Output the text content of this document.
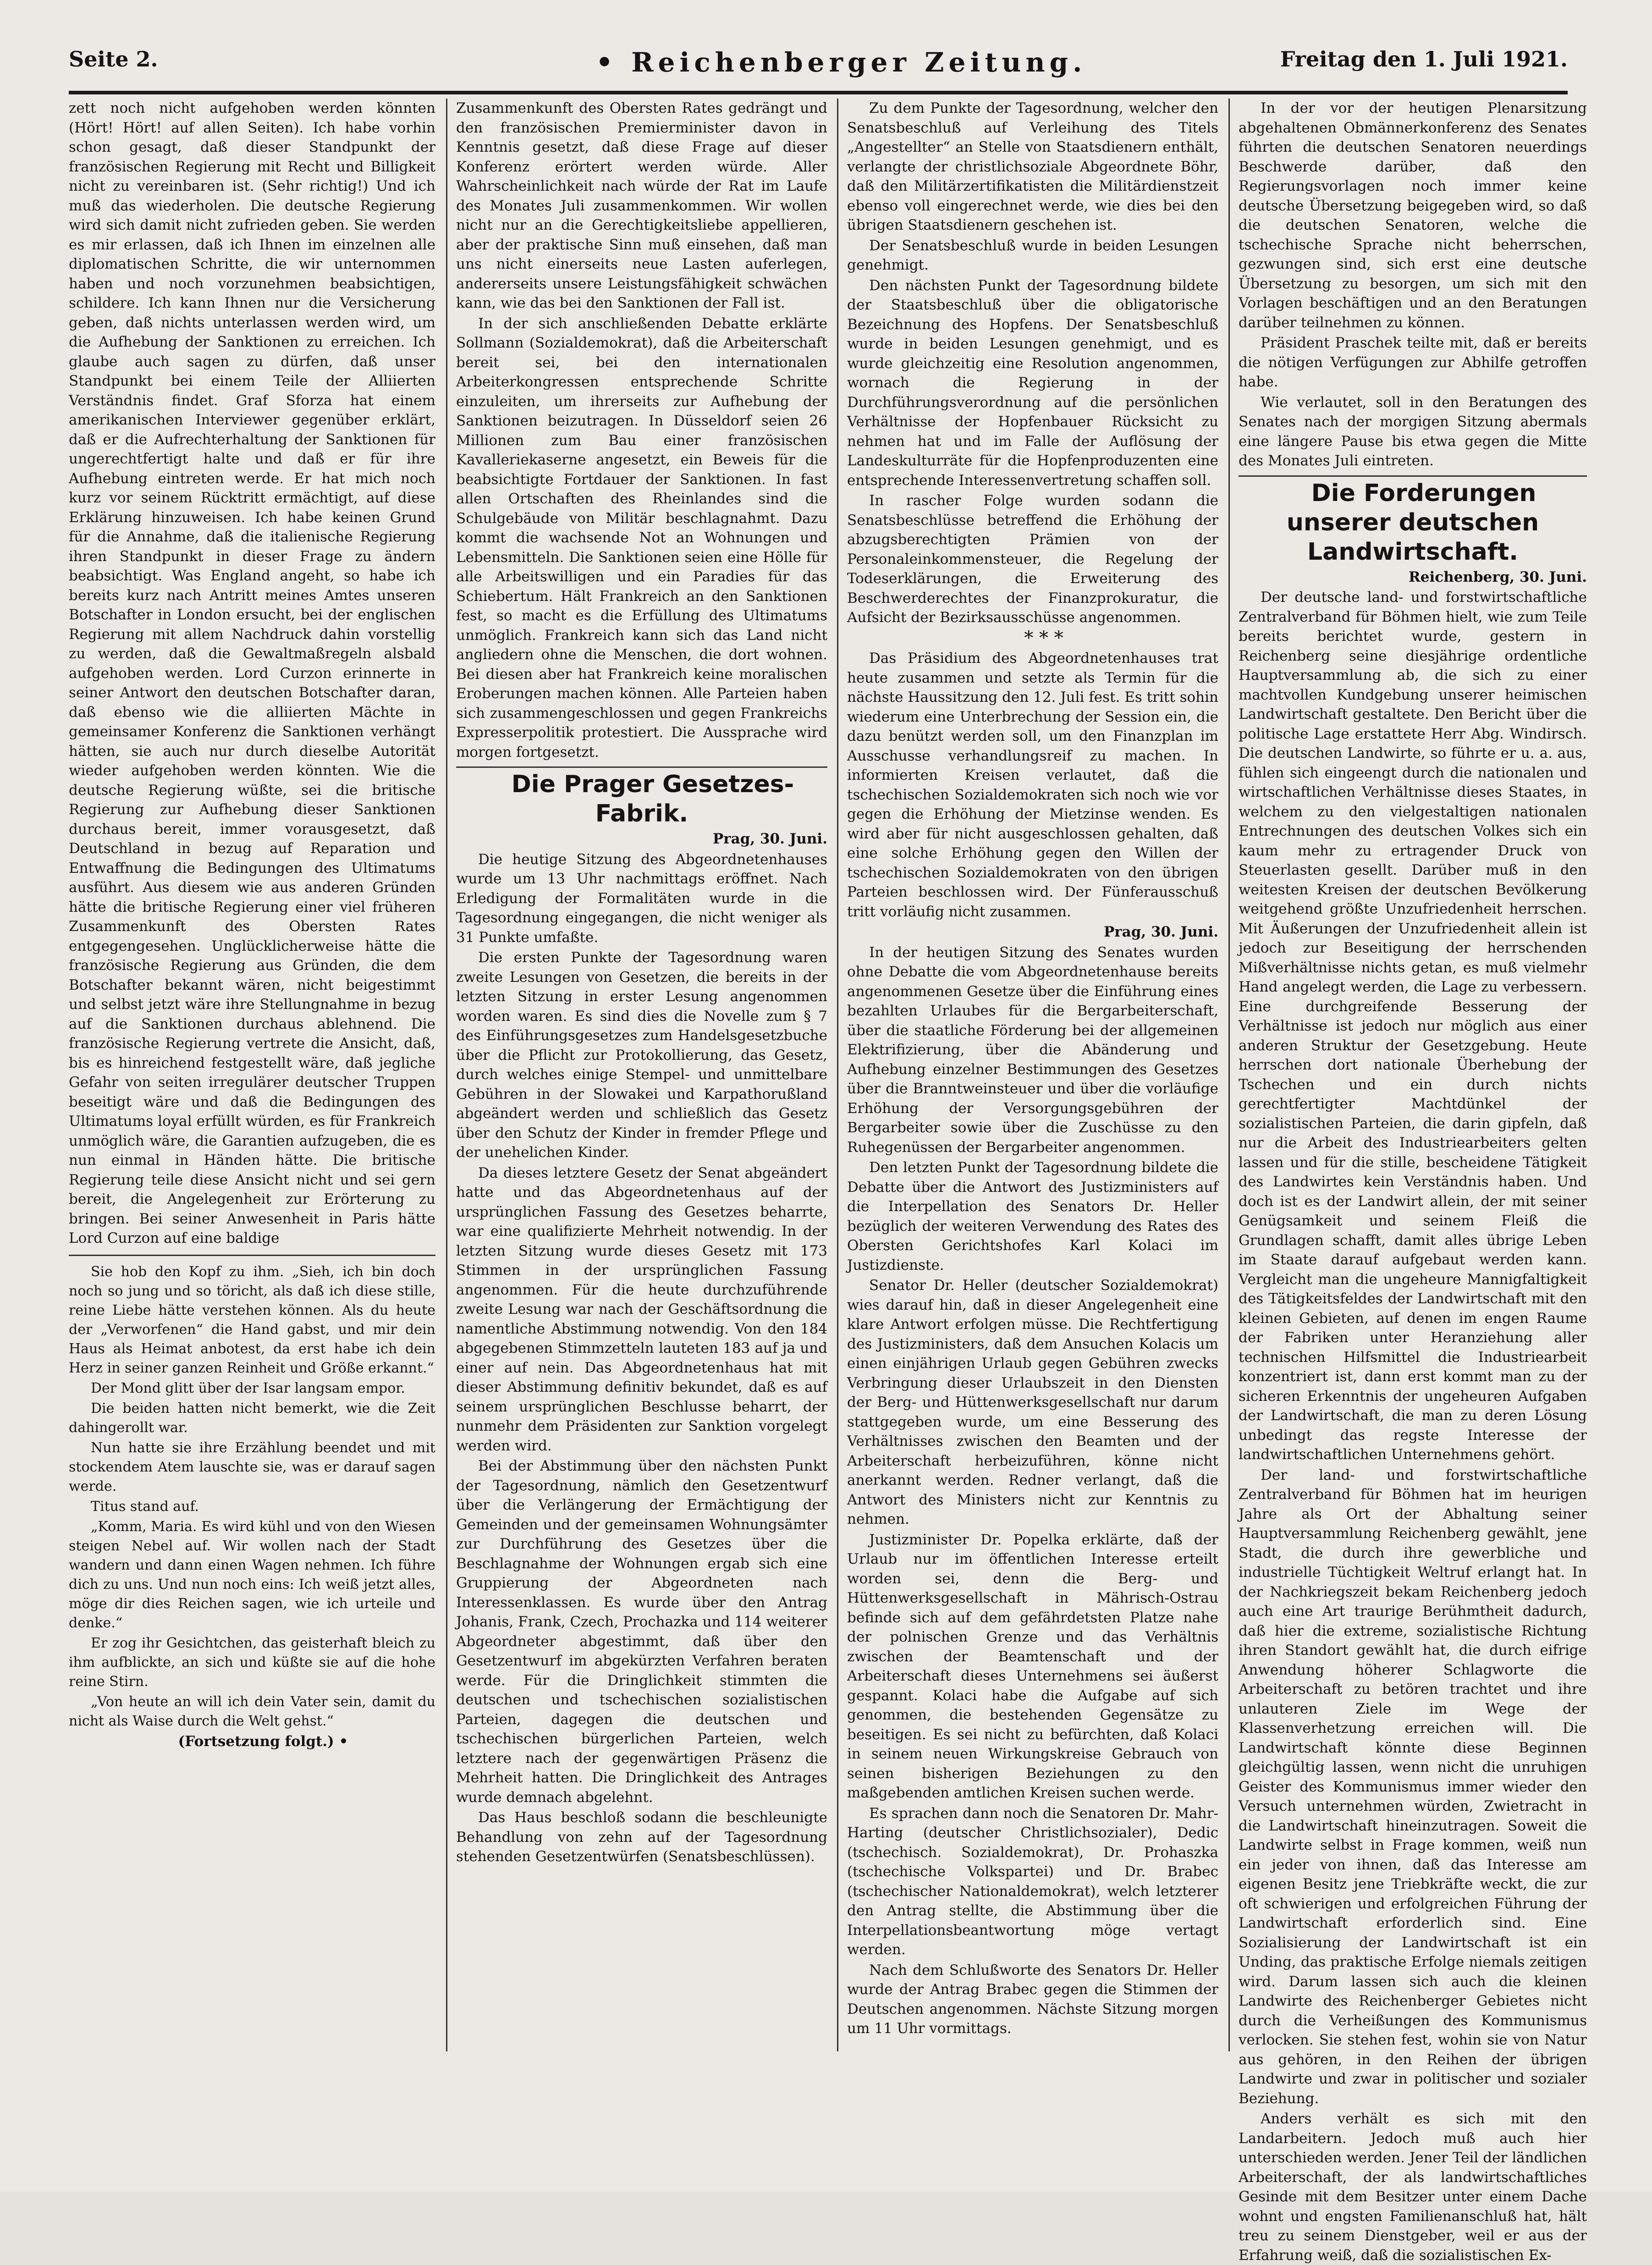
Seite 2.	• Reichenberger Zeitung.	Freitag den 1. Juli 1921.

zett noch nicht aufgehoben werden könnten (Hört! Hört! auf allen Seiten). Ich habe vorhin schon gesagt, daß dieser Standpunkt der französischen Regierung mit Recht und Billigkeit nicht zu vereinbaren ist. (Sehr richtig!) Und ich muß das wiederholen. Die deutsche Regierung wird sich damit nicht zufrieden geben. Sie werden es mir erlassen, daß ich Ihnen im einzelnen alle diplomatischen Schritte, die wir unternommen haben und noch vorzunehmen beabsichtigen, schildere. Ich kann Ihnen nur die Versicherung geben, daß nichts unterlassen werden wird, um die Aufhebung der Sanktionen zu erreichen. Ich glaube auch sagen zu dürfen, daß unser Standpunkt bei einem Teile der Alliierten Verständnis findet. Graf Sforza hat einem amerikanischen Interviewer gegenüber erklärt, daß er die Aufrechterhaltung der Sanktionen für ungerechtfertigt halte und daß er für ihre Aufhebung eintreten werde. Er hat mich noch kurz vor seinem Rücktritt ermächtigt, auf diese Erklärung hinzuweisen. Ich habe keinen Grund für die Annahme, daß die italienische Regierung ihren Standpunkt in dieser Frage zu ändern beabsichtigt. Was England angeht, so habe ich bereits kurz nach Antritt meines Amtes unseren Botschafter in London ersucht, bei der englischen Regierung mit allem Nachdruck dahin vorstellig zu werden, daß die Gewaltmaßregeln alsbald aufgehoben werden. Lord Curzon erinnerte in seiner Antwort den deutschen Botschafter daran, daß ebenso wie die alliierten Mächte in gemeinsamer Konferenz die Sanktionen verhängt hätten, sie auch nur durch dieselbe Autorität wieder aufgehoben werden könnten. Wie die deutsche Regierung wüßte, sei die britische Regierung zur Aufhebung dieser Sanktionen durchaus bereit, immer vorausgesetzt, daß Deutschland in bezug auf Reparation und Entwaffnung die Bedingungen des Ultimatums ausführt. Aus diesem wie aus anderen Gründen hätte die britische Regierung einer viel früheren Zusammenkunft des Obersten Rates entgegengesehen. Unglücklicherweise hätte die französische Regierung aus Gründen, die dem Botschafter bekannt wären, nicht beigestimmt und selbst jetzt wäre ihre Stellungnahme in bezug auf die Sanktionen durchaus ablehnend. Die französische Regierung vertrete die Ansicht, daß, bis es hinreichend festgestellt wäre, daß jegliche Gefahr von seiten irregulärer deutscher Truppen beseitigt wäre und daß die Bedingungen des Ultimatums loyal erfüllt würden, es für Frankreich unmöglich wäre, die Garantien aufzugeben, die es nun einmal in Händen hätte. Die britische Regierung teile diese Ansicht nicht und sei gern bereit, die Angelegenheit zur Erörterung zu bringen. Bei seiner Anwesenheit in Paris hätte Lord Curzon auf eine baldige

Sie hob den Kopf zu ihm. „Sieh, ich bin doch noch so jung und so töricht, als daß ich diese stille, reine Liebe hätte verstehen können. Als du heute der „Verworfenen“ die Hand gabst, und mir dein Haus als Heimat anbotest, da erst habe ich dein Herz in seiner ganzen Reinheit und Größe erkannt.“

Der Mond glitt über der Isar langsam empor.

Die beiden hatten nicht bemerkt, wie die Zeit dahingerollt war.

Nun hatte sie ihre Erzählung beendet und mit stockendem Atem lauschte sie, was er darauf sagen werde.

Titus stand auf.

„Komm, Maria. Es wird kühl und von den Wiesen steigen Nebel auf. Wir wollen nach der Stadt wandern und dann einen Wagen nehmen. Ich führe dich zu uns. Und nun noch eins: Ich weiß jetzt alles, möge dir dies Reichen sagen, wie ich urteile und denke.“

Er zog ihr Gesichtchen, das geisterhaft bleich zu ihm aufblickte, an sich und küßte sie auf die hohe reine Stirn.

„Von heute an will ich dein Vater sein, damit du nicht als Waise durch die Welt gehst.“

(Fortsetzung folgt.) •

Zusammenkunft des Obersten Rates gedrängt und den französischen Premierminister davon in Kenntnis gesetzt, daß diese Frage auf dieser Konferenz erörtert werden würde. Aller Wahrscheinlichkeit nach würde der Rat im Laufe des Monates Juli zusammenkommen. Wir wollen nicht nur an die Gerechtigkeitsliebe appellieren, aber der praktische Sinn muß einsehen, daß man uns nicht einerseits neue Lasten auferlegen, andererseits unsere Leistungsfähigkeit schwächen kann, wie das bei den Sanktionen der Fall ist.

In der sich anschließenden Debatte erklärte Sollmann (Sozialdemokrat), daß die Arbeiterschaft bereit sei, bei den internationalen Arbeiterkongressen entsprechende Schritte einzuleiten, um ihrerseits zur Aufhebung der Sanktionen beizutragen. In Düsseldorf seien 26 Millionen zum Bau einer französischen Kavalleriekaserne angesetzt, ein Beweis für die beabsichtigte Fortdauer der Sanktionen. In fast allen Ortschaften des Rheinlandes sind die Schulgebäude von Militär beschlagnahmt. Dazu kommt die wachsende Not an Wohnungen und Lebensmitteln. Die Sanktionen seien eine Hölle für alle Arbeitswilligen und ein Paradies für das Schiebertum. Hält Frankreich an den Sanktionen fest, so macht es die Erfüllung des Ultimatums unmöglich. Frankreich kann sich das Land nicht angliedern ohne die Menschen, die dort wohnen. Bei diesen aber hat Frankreich keine moralischen Eroberungen machen können. Alle Parteien haben sich zusammengeschlossen und gegen Frankreichs Expresserpolitik protestiert. Die Aussprache wird morgen fortgesetzt.

Die Prager Gesetzes-Fabrik.

Prag, 30. Juni.

Die heutige Sitzung des Abgeordnetenhauses wurde um 13 Uhr nachmittags eröffnet. Nach Erledigung der Formalitäten wurde in die Tagesordnung eingegangen, die nicht weniger als 31 Punkte umfaßte.

Die ersten Punkte der Tagesordnung waren zweite Lesungen von Gesetzen, die bereits in der letzten Sitzung in erster Lesung angenommen worden waren. Es sind dies die Novelle zum § 7 des Einführungsgesetzes zum Handelsgesetzbuche über die Pflicht zur Protokollierung, das Gesetz, durch welches einige Stempel- und unmittelbare Gebühren in der Slowakei und Karpathorußland abgeändert werden und schließlich das Gesetz über den Schutz der Kinder in fremder Pflege und der unehelichen Kinder.

Da dieses letztere Gesetz der Senat abgeändert hatte und das Abgeordnetenhaus auf der ursprünglichen Fassung des Gesetzes beharrte, war eine qualifizierte Mehrheit notwendig. In der letzten Sitzung wurde dieses Gesetz mit 173 Stimmen in der ursprünglichen Fassung angenommen. Für die heute durchzuführende zweite Lesung war nach der Geschäftsordnung die namentliche Abstimmung notwendig. Von den 184 abgegebenen Stimmzetteln lauteten 183 auf ja und einer auf nein. Das Abgeordnetenhaus hat mit dieser Abstimmung definitiv bekundet, daß es auf seinem ursprünglichen Beschlusse beharrt, der nunmehr dem Präsidenten zur Sanktion vorgelegt werden wird.

Bei der Abstimmung über den nächsten Punkt der Tagesordnung, nämlich den Gesetzentwurf über die Verlängerung der Ermächtigung der Gemeinden und der gemeinsamen Wohnungsämter zur Durchführung des Gesetzes über die Beschlagnahme der Wohnungen ergab sich eine Gruppierung der Abgeordneten nach Interessenklassen. Es wurde über den Antrag Johanis, Frank, Czech, Prochazka und 114 weiterer Abgeordneter abgestimmt, daß über den Gesetzentwurf im abgekürzten Verfahren beraten werde. Für die Dringlichkeit stimmten die deutschen und tschechischen sozialistischen Parteien, dagegen die deutschen und tschechischen bürgerlichen Parteien, welch letztere nach der gegenwärtigen Präsenz die Mehrheit hatten. Die Dringlichkeit des Antrages wurde demnach abgelehnt.

Das Haus beschloß sodann die beschleunigte Behandlung von zehn auf der Tagesordnung stehenden Gesetzentwürfen (Senatsbeschlüssen).

Zu dem Punkte der Tagesordnung, welcher den Senatsbeschluß auf Verleihung des Titels „Angestellter“ an Stelle von Staatsdienern enthält, verlangte der christlichsoziale Abgeordnete Böhr, daß den Militärzertifikatisten die Militärdienstzeit ebenso voll eingerechnet werde, wie dies bei den übrigen Staatsdienern geschehen ist.

Der Senatsbeschluß wurde in beiden Lesungen genehmigt.

Den nächsten Punkt der Tagesordnung bildete der Staatsbeschluß über die obligatorische Bezeichnung des Hopfens. Der Senatsbeschluß wurde in beiden Lesungen genehmigt, und es wurde gleichzeitig eine Resolution angenommen, wornach die Regierung in der Durchführungsverordnung auf die persönlichen Verhältnisse der Hopfenbauer Rücksicht zu nehmen hat und im Falle der Auflösung der Landeskulturräte für die Hopfenproduzenten eine entsprechende Interessenvertretung schaffen soll.

In rascher Folge wurden sodann die Senatsbeschlüsse betreffend die Erhöhung der abzugsberechtigten Prämien von der Personaleinkommensteuer, die Regelung der Todeserklärungen, die Erweiterung des Beschwerderechtes der Finanzprokuratur, die Aufsicht der Bezirksausschüsse angenommen.

* * *

Das Präsidium des Abgeordnetenhauses trat heute zusammen und setzte als Termin für die nächste Haussitzung den 12. Juli fest. Es tritt sohin wiederum eine Unterbrechung der Session ein, die dazu benützt werden soll, um den Finanzplan im Ausschusse verhandlungsreif zu machen. In informierten Kreisen verlautet, daß die tschechischen Sozialdemokraten sich noch wie vor gegen die Erhöhung der Mietzinse wenden. Es wird aber für nicht ausgeschlossen gehalten, daß eine solche Erhöhung gegen den Willen der tschechischen Sozialdemokraten von den übrigen Parteien beschlossen wird. Der Fünferausschuß tritt vorläufig nicht zusammen.

Prag, 30. Juni.

In der heutigen Sitzung des Senates wurden ohne Debatte die vom Abgeordnetenhause bereits angenommenen Gesetze über die Einführung eines bezahlten Urlaubes für die Bergarbeiterschaft, über die staatliche Förderung bei der allgemeinen Elektrifizierung, über die Abänderung und Aufhebung einzelner Bestimmungen des Gesetzes über die Branntweinsteuer und über die vorläufige Erhöhung der Versorgungsgebühren der Bergarbeiter sowie über die Zuschüsse zu den Ruhegenüssen der Bergarbeiter angenommen.

Den letzten Punkt der Tagesordnung bildete die Debatte über die Antwort des Justizministers auf die Interpellation des Senators Dr. Heller bezüglich der weiteren Verwendung des Rates des Obersten Gerichtshofes Karl Kolaci im Justizdienste.

Senator Dr. Heller (deutscher Sozialdemokrat) wies darauf hin, daß in dieser Angelegenheit eine klare Antwort erfolgen müsse. Die Rechtfertigung des Justizministers, daß dem Ansuchen Kolacis um einen einjährigen Urlaub gegen Gebühren zwecks Verbringung dieser Urlaubszeit in den Diensten der Berg- und Hüttenwerksgesellschaft nur darum stattgegeben wurde, um eine Besserung des Verhältnisses zwischen den Beamten und der Arbeiterschaft herbeizuführen, könne nicht anerkannt werden. Redner verlangt, daß die Antwort des Ministers nicht zur Kenntnis zu nehmen.

Justizminister Dr. Popelka erklärte, daß der Urlaub nur im öffentlichen Interesse erteilt worden sei, denn die Berg- und Hüttenwerksgesellschaft in Mährisch-Ostrau befinde sich auf dem gefährdetsten Platze nahe der polnischen Grenze und das Verhältnis zwischen der Beamtenschaft und der Arbeiterschaft dieses Unternehmens sei äußerst gespannt. Kolaci habe die Aufgabe auf sich genommen, die bestehenden Gegensätze zu beseitigen. Es sei nicht zu befürchten, daß Kolaci in seinem neuen Wirkungskreise Gebrauch von seinen bisherigen Beziehungen zu den maßgebenden amtlichen Kreisen suchen werde.

Es sprachen dann noch die Senatoren Dr. Mahr-Harting (deutscher Christlichsozialer), Dedic (tschechisch. Sozialdemokrat), Dr. Prohaszka (tschechische Volkspartei) und Dr. Brabec (tschechischer Nationaldemokrat), welch letzterer den Antrag stellte, die Abstimmung über die Interpellationsbeantwortung möge vertagt werden.

Nach dem Schlußworte des Senators Dr. Heller wurde der Antrag Brabec gegen die Stimmen der Deutschen angenommen. Nächste Sitzung morgen um 11 Uhr vormittags.

In der vor der heutigen Plenarsitzung abgehaltenen Obmännerkonferenz des Senates führten die deutschen Senatoren neuerdings Beschwerde darüber, daß den Regierungsvorlagen noch immer keine deutsche Übersetzung beigegeben wird, so daß die deutschen Senatoren, welche die tschechische Sprache nicht beherrschen, gezwungen sind, sich erst eine deutsche Übersetzung zu besorgen, um sich mit den Vorlagen beschäftigen und an den Beratungen darüber teilnehmen zu können.

Präsident Praschek teilte mit, daß er bereits die nötigen Verfügungen zur Abhilfe getroffen habe.

Wie verlautet, soll in den Beratungen des Senates nach der morgigen Sitzung abermals eine längere Pause bis etwa gegen die Mitte des Monates Juli eintreten.

Die Forderungen unserer deutschen Landwirtschaft.

Reichenberg, 30. Juni.

Der deutsche land- und forstwirtschaftliche Zentralverband für Böhmen hielt, wie zum Teile bereits berichtet wurde, gestern in Reichenberg seine diesjährige ordentliche Hauptversammlung ab, die sich zu einer machtvollen Kundgebung unserer heimischen Landwirtschaft gestaltete. Den Bericht über die politische Lage erstattete Herr Abg. Windirsch. Die deutschen Landwirte, so führte er u. a. aus, fühlen sich eingeengt durch die nationalen und wirtschaftlichen Verhältnisse dieses Staates, in welchem zu den vielgestaltigen nationalen Entrechnungen des deutschen Volkes sich ein kaum mehr zu ertragender Druck von Steuerlasten gesellt. Darüber muß in den weitesten Kreisen der deutschen Bevölkerung weitgehend größte Unzufriedenheit herrschen. Mit Äußerungen der Unzufriedenheit allein ist jedoch zur Beseitigung der herrschenden Mißverhältnisse nichts getan, es muß vielmehr Hand angelegt werden, die Lage zu verbessern. Eine durchgreifende Besserung der Verhältnisse ist jedoch nur möglich aus einer anderen Struktur der Gesetzgebung. Heute herrschen dort nationale Überhebung der Tschechen und ein durch nichts gerechtfertigter Machtdünkel der sozialistischen Parteien, die darin gipfeln, daß nur die Arbeit des Industriearbeiters gelten lassen und für die stille, bescheidene Tätigkeit des Landwirtes kein Verständnis haben. Und doch ist es der Landwirt allein, der mit seiner Genügsamkeit und seinem Fleiß die Grundlagen schafft, damit alles übrige Leben im Staate darauf aufgebaut werden kann. Vergleicht man die ungeheure Mannigfaltigkeit des Tätigkeitsfeldes der Landwirtschaft mit den kleinen Gebieten, auf denen im engen Raume der Fabriken unter Heranziehung aller technischen Hilfsmittel die Industriearbeit konzentriert ist, dann erst kommt man zu der sicheren Erkenntnis der ungeheuren Aufgaben der Landwirtschaft, die man zu deren Lösung unbedingt das regste Interesse der landwirtschaftlichen Unternehmens gehört.

Der land- und forstwirtschaftliche Zentralverband für Böhmen hat im heurigen Jahre als Ort der Abhaltung seiner Hauptversammlung Reichenberg gewählt, jene Stadt, die durch ihre gewerbliche und industrielle Tüchtigkeit Weltruf erlangt hat. In der Nachkriegszeit bekam Reichenberg jedoch auch eine Art traurige Berühmtheit dadurch, daß hier die extreme, sozialistische Richtung ihren Standort gewählt hat, die durch eifrige Anwendung höherer Schlagworte die Arbeiterschaft zu betören trachtet und ihre unlauteren Ziele im Wege der Klassenverhetzung erreichen will. Die Landwirtschaft könnte diese Beginnen gleichgültig lassen, wenn nicht die unruhigen Geister des Kommunismus immer wieder den Versuch unternehmen würden, Zwietracht in die Landwirtschaft hineinzutragen. Soweit die Landwirte selbst in Frage kommen, weiß nun ein jeder von ihnen, daß das Interesse am eigenen Besitz jene Triebkräfte weckt, die zur oft schwierigen und erfolgreichen Führung der Landwirtschaft erforderlich sind. Eine Sozialisierung der Landwirtschaft ist ein Unding, das praktische Erfolge niemals zeitigen wird. Darum lassen sich auch die kleinen Landwirte des Reichenberger Gebietes nicht durch die Verheißungen des Kommunismus verlocken. Sie stehen fest, wohin sie von Natur aus gehören, in den Reihen der übrigen Landwirte und zwar in politischer und sozialer Beziehung.

Anders verhält es sich mit den Landarbeitern. Jedoch muß auch hier unterschieden werden. Jener Teil der ländlichen Arbeiterschaft, der als landwirtschaftliches Gesinde mit dem Besitzer unter einem Dache wohnt und engsten Familienanschluß hat, hält treu zu seinem Dienstgeber, weil er aus der Erfahrung weiß, daß die sozialistischen Ex-
